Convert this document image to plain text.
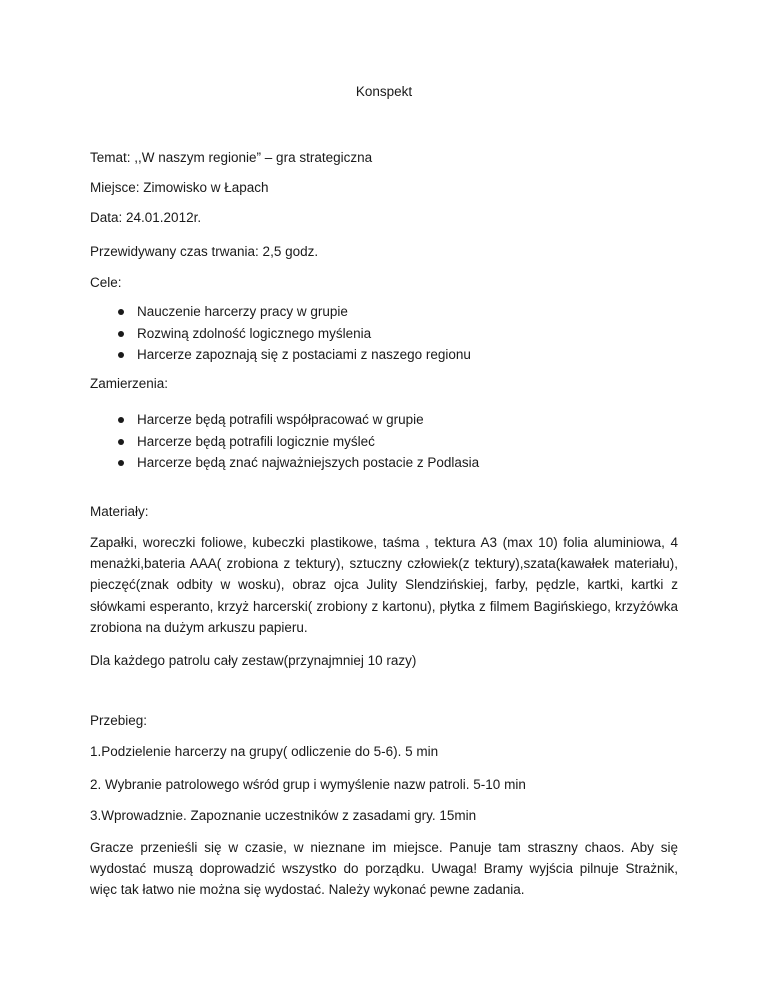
Konspekt
Temat: ,,W naszym regionie” – gra strategiczna
Miejsce: Zimowisko w Łapach
Data: 24.01.2012r.
Przewidywany czas trwania: 2,5 godz.
Cele:
Nauczenie harcerzy pracy w grupie
Rozwiną zdolność logicznego myślenia
Harcerze zapoznają się z postaciami z naszego regionu
Zamierzenia:
Harcerze będą potrafili współpracować w grupie
Harcerze będą potrafili logicznie myśleć
Harcerze będą znać najważniejszych postacie z Podlasia
Materiały:
Zapałki, woreczki foliowe, kubeczki plastikowe, taśma , tektura A3 (max 10) folia aluminiowa, 4 menażki,bateria AAA( zrobiona z tektury), sztuczny człowiek(z tektury),szata(kawałek materiału), pieczęć(znak odbity w wosku), obraz ojca Julity Slendzińskiej, farby, pędzle, kartki, kartki z słówkami esperanto, krzyż harcerski( zrobiony z kartonu), płytka z filmem Bagińskiego, krzyżówka zrobiona na dużym arkuszu papieru.
Dla każdego patrolu cały zestaw(przynajmniej 10 razy)
Przebieg:
1.Podzielenie harcerzy na grupy( odliczenie do 5-6). 5 min
2. Wybranie patrolowego wśród grup i wymyślenie nazw patroli. 5-10 min
3.Wprowadznie. Zapoznanie uczestników z zasadami gry. 15min
Gracze przenieśli się w czasie, w nieznane im miejsce. Panuje tam straszny chaos. Aby się wydostać muszą doprowadzić wszystko do porządku. Uwaga! Bramy wyjścia pilnuje Strażnik, więc tak łatwo nie można się wydostać. Należy wykonać pewne zadania.
